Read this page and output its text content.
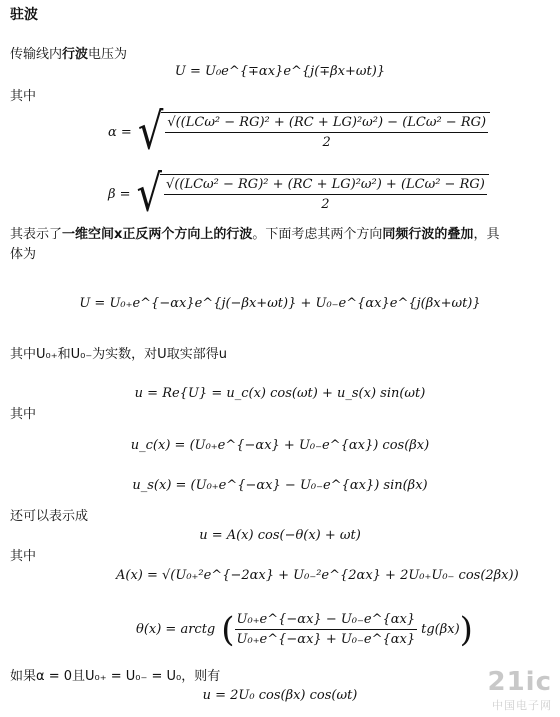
驻波
传输线内行波电压为
U = U₀e^{∓αx}e^{j(∓βx+ωt)}
其中
α = √ $\frac{\text{√((LCω² − RG)² + (RC + LG)²ω²) − (LCω² − RG)}}{2}$
β = √ $\frac{\text{√((LCω² − RG)² + (RC + LG)²ω²) + (LCω² − RG)}}{2}$
其表示了一维空间x正反两个方向上的行波。下面考虑其两个方向同频行波的叠加，具
体为
U = U₀₊e^{−αx}e^{j(−βx+ωt)} + U₀₋e^{αx}e^{j(βx+ωt)}
其中U₀₊和U₀₋为实数，对U取实部得u
u = Re{U} = u_c(x) cos(ωt) + u_s(x) sin(ωt)
其中
u_c(x) = (U₀₊e^{−αx} + U₀₋e^{αx}) cos(βx)
u_s(x) = (U₀₊e^{−αx} − U₀₋e^{αx}) sin(βx)
还可以表示成
u = A(x) cos(−θ(x) + ωt)
其中
A(x) = √(U₀₊²e^{−2αx} + U₀₋²e^{2αx} + 2U₀₊U₀₋ cos(2βx))
θ(x) = arctg ( $\frac{\text{U₀₊e\textasciicircum{}\{−αx\} − U₀₋e\textasciicircum{}\{αx\}}}{\text{U₀₊e\textasciicircum{}\{−αx\} + U₀₋e\textasciicircum{}\{αx\}}} tg(\beta x)$ )
如果α = 0且U₀₊ = U₀₋ = U₀，则有
u = 2U₀ cos(βx) cos(ωt)	21ic
中国电子网
